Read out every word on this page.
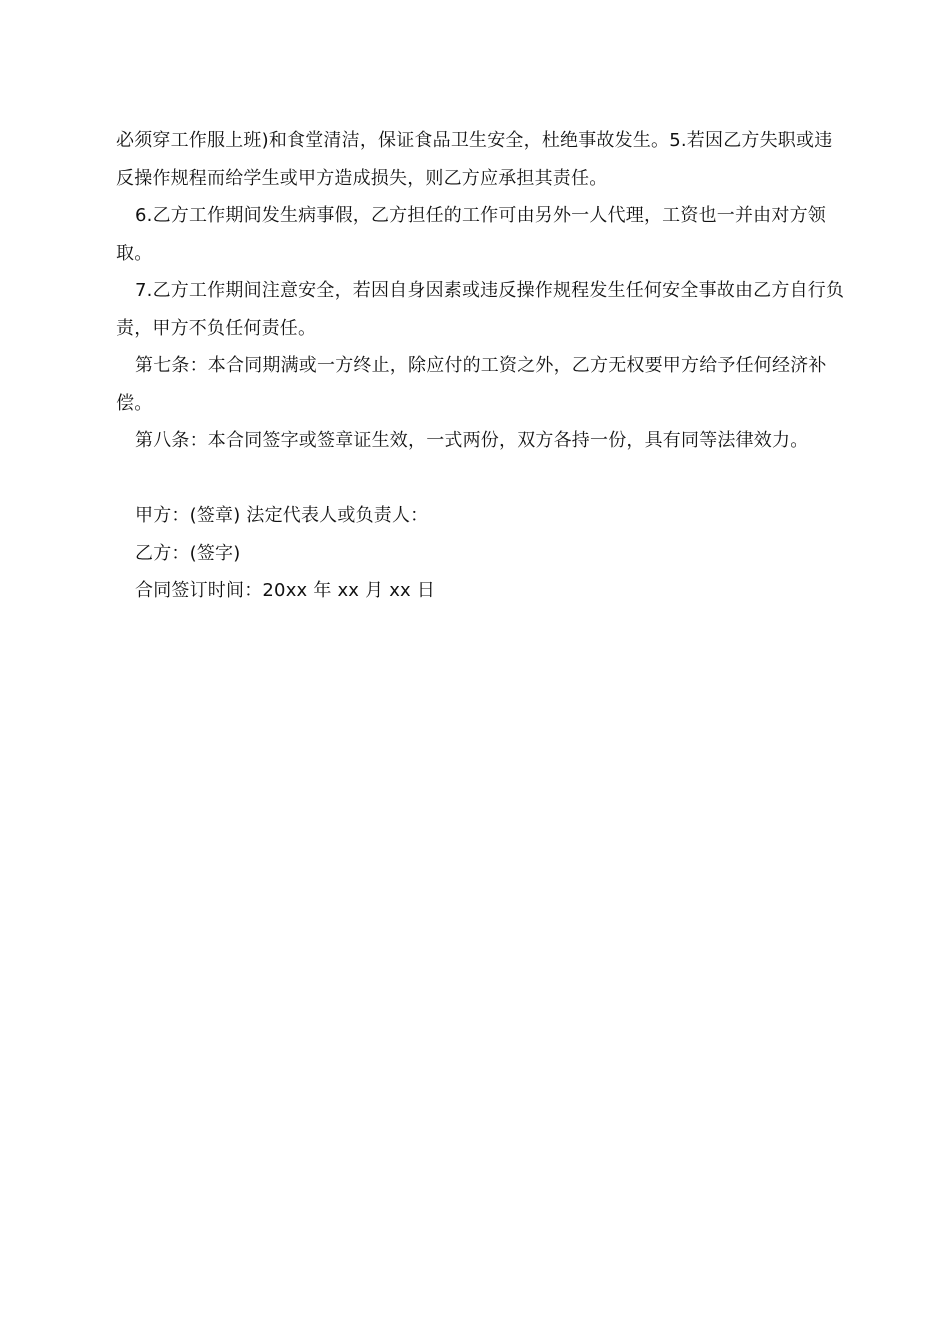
必须穿工作服上班)和食堂清洁，保证食品卫生安全，杜绝事故发生。5.若因乙方失职或违反操作规程而给学生或甲方造成损失，则乙方应承担其责任。

6.乙方工作期间发生病事假，乙方担任的工作可由另外一人代理，工资也一并由对方领取。

7.乙方工作期间注意安全，若因自身因素或违反操作规程发生任何安全事故由乙方自行负责，甲方不负任何责任。

第七条：本合同期满或一方终止，除应付的工资之外，乙方无权要甲方给予任何经济补偿。

第八条：本合同签字或签章证生效，一式两份，双方各持一份，具有同等法律效力。

甲方：(签章) 法定代表人或负责人：

乙方：(签字)

合同签订时间：20xx 年 xx 月 xx 日
